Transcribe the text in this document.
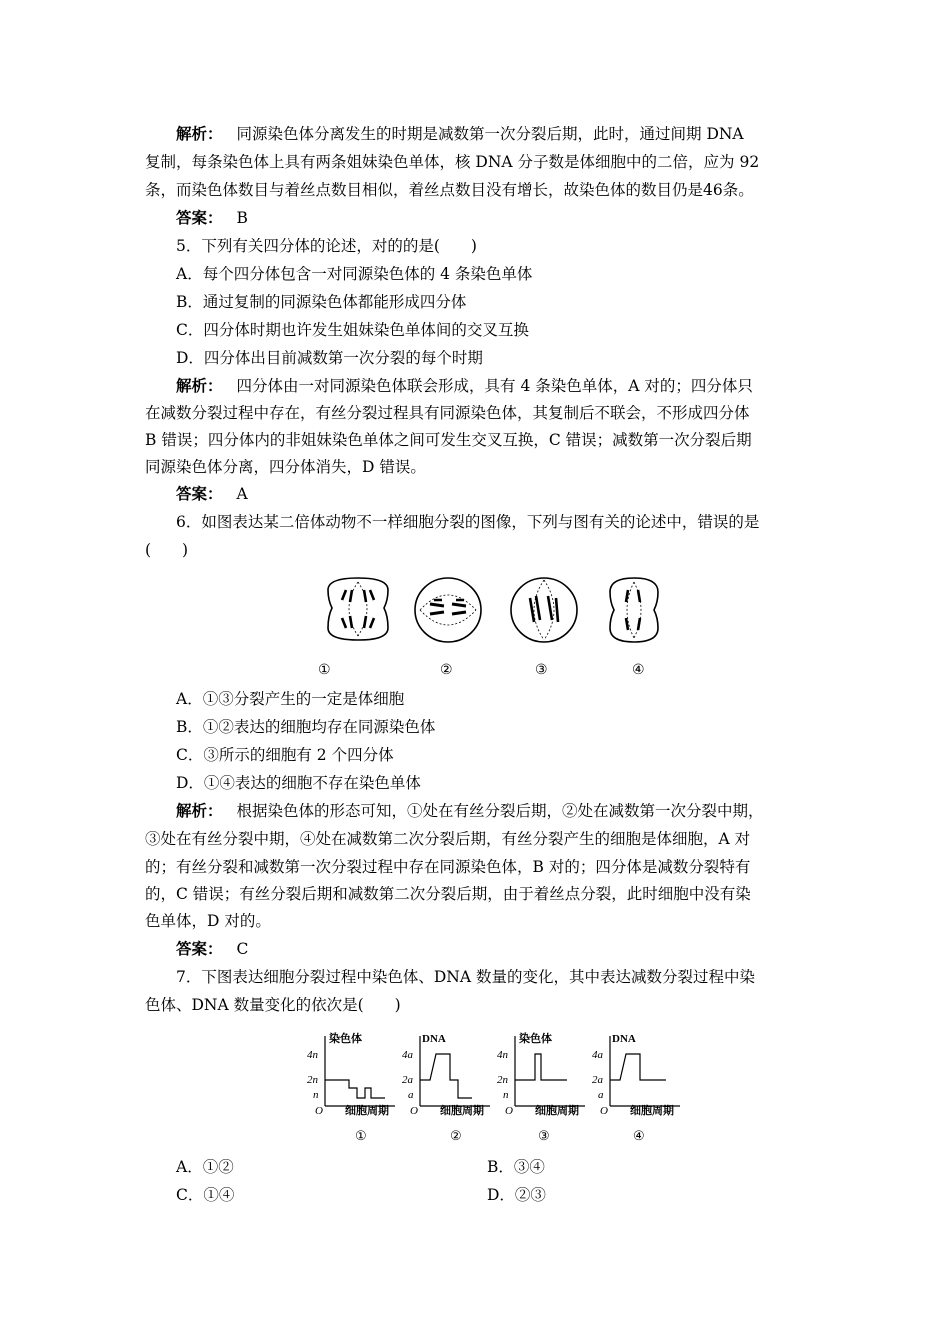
解析： 同源染色体分离发生的时期是减数第一次分裂后期，此时，通过间期 DNA
复制，每条染色体上具有两条姐妹染色单体，核 DNA 分子数是体细胞中的二倍，应为 92
条，而染色体数目与着丝点数目相似，着丝点数目没有增长，故染色体的数目仍是46条。
答案： B
5．下列有关四分体的论述，对的的是(　　)
A．每个四分体包含一对同源染色体的 4 条染色单体
B．通过复制的同源染色体都能形成四分体
C．四分体时期也许发生姐妹染色单体间的交叉互换
D．四分体出目前减数第一次分裂的每个时期
解析： 四分体由一对同源染色体联会形成，具有 4 条染色单体，A 对的；四分体只
在减数分裂过程中存在，有丝分裂过程具有同源染色体，其复制后不联会，不形成四分体
B 错误；四分体内的非姐妹染色单体之间可发生交叉互换，C 错误；减数第一次分裂后期
同源染色体分离，四分体消失，D 错误。
答案： A
6．如图表达某二倍体动物不一样细胞分裂的图像，下列与图有关的论述中，错误的是
(　　)
①	②	③	④
A．①③分裂产生的一定是体细胞
B．①②表达的细胞均存在同源染色体
C．③所示的细胞有 2 个四分体
D．①④表达的细胞不存在染色单体
解析： 根据染色体的形态可知，①处在有丝分裂后期，②处在减数第一次分裂中期，
③处在有丝分裂中期，④处在减数第二次分裂后期，有丝分裂产生的细胞是体细胞，A 对
的；有丝分裂和减数第一次分裂过程中存在同源染色体，B 对的；四分体是减数分裂特有
的，C 错误；有丝分裂后期和减数第二次分裂后期，由于着丝点分裂，此时细胞中没有染
色单体，D 对的。
答案： C
7．下图表达细胞分裂过程中染色体、DNA 数量的变化，其中表达减数分裂过程中染
色体、DNA 数量变化的依次是(　　)
染色体
4n
2n
n
O 细胞周期
DNA
4a
2a
a
O 细胞周期
染色体
4n
2n
n
O 细胞周期
DNA
4a
2a
a
O 细胞周期
①	②	③	④
A．①②	B．③④
C．①④	D．②③
